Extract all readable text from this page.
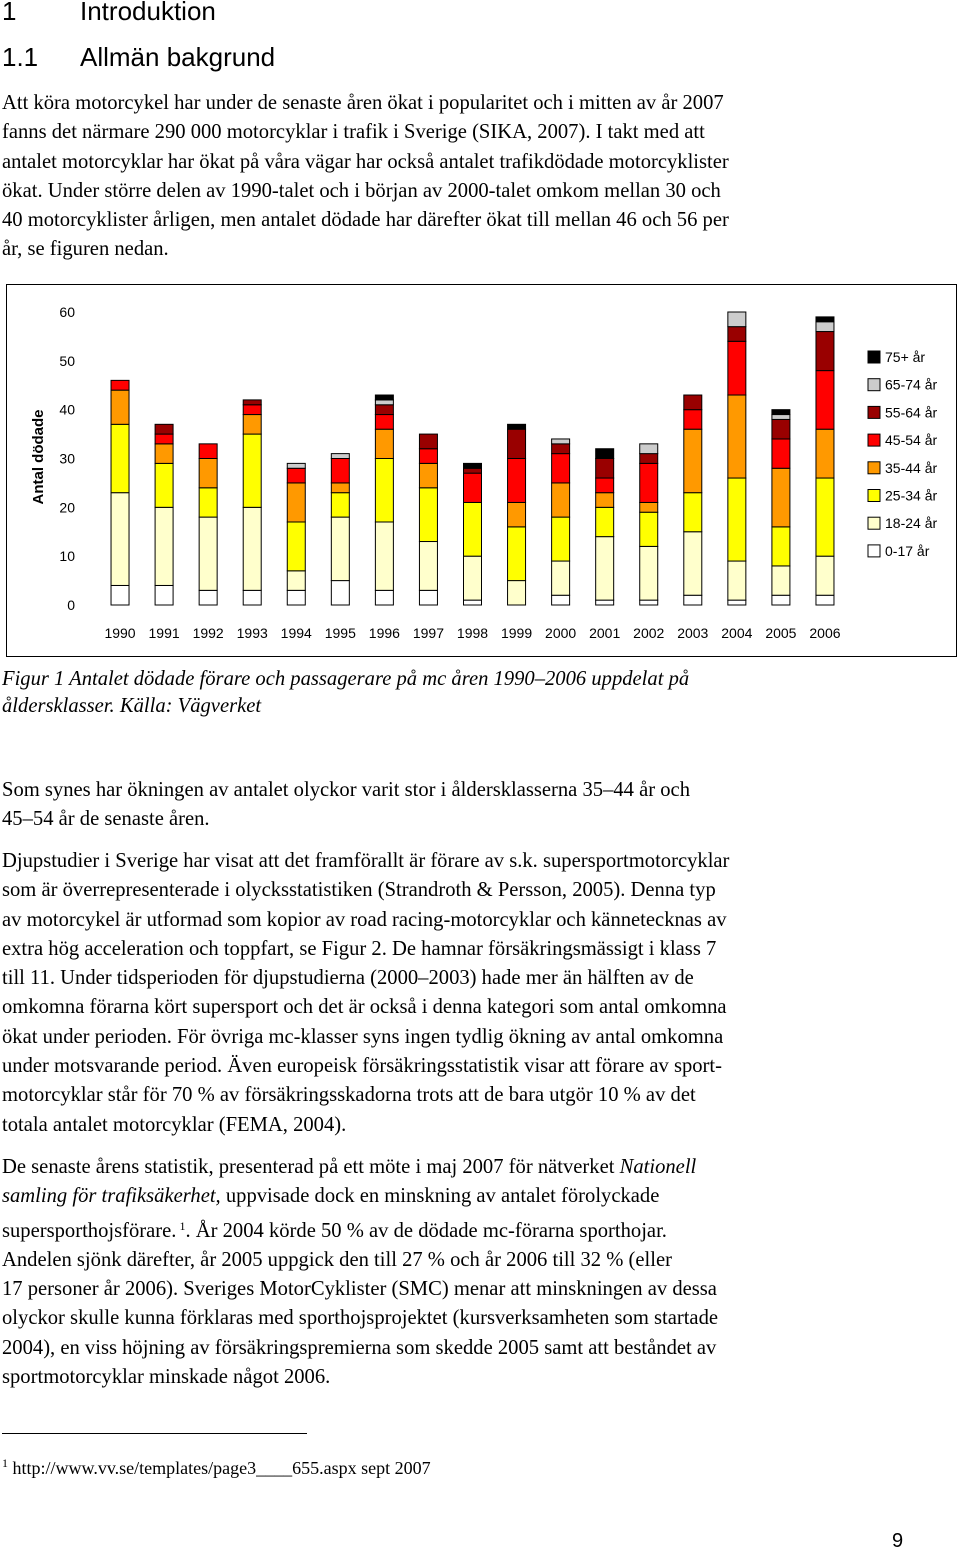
1 Introduktion
1.1 Allmän bakgrund

Att köra motorcykel har under de senaste åren ökat i popularitet och i mitten av år 2007
fanns det närmare 290 000 motorcyklar i trafik i Sverige (SIKA, 2007). I takt med att
antalet motorcyklar har ökat på våra vägar har också antalet trafikdödade motorcyklister
ökat. Under större delen av 1990-talet och i början av 2000-talet omkom mellan 30 och
40 motorcyklister årligen, men antalet dödade har därefter ökat till mellan 46 och 56 per
år, se figuren nedan.

0
10
20
30
40
50
60
Antal dödade
1990 1991 1992 1993 1994 1995 1996 1997 1998 1999 2000 2001 2002 2003 2004 2005 2006
75+ år
65-74 år
55-64 år
45-54 år
35-44 år
25-34 år
18-24 år
0-17 år
Figur 1 Antalet dödade förare och passagerare på mc åren 1990–2006 uppdelat på
åldersklasser. Källa: Vägverket

Som synes har ökningen av antalet olyckor varit stor i åldersklasserna 35–44 år och
45–54 år de senaste åren.

Djupstudier i Sverige har visat att det framförallt är förare av s.k. supersportmotorcyklar
som är överrepresenterade i olycksstatistiken (Strandroth & Persson, 2005). Denna typ
av motorcykel är utformad som kopior av road racing-motorcyklar och kännetecknas av
extra hög acceleration och toppfart, se Figur 2. De hamnar försäkringsmässigt i klass 7
till 11. Under tidsperioden för djupstudierna (2000–2003) hade mer än hälften av de
omkomna förarna kört supersport och det är också i denna kategori som antal omkomna
ökat under perioden. För övriga mc-klasser syns ingen tydlig ökning av antal omkomna
under motsvarande period. Även europeisk försäkringsstatistik visar att förare av sport-
motorcyklar står för 70 % av försäkringsskadorna trots att de bara utgör 10 % av det
totala antalet motorcyklar (FEMA, 2004).

De senaste årens statistik, presenterad på ett möte i maj 2007 för nätverket Nationell
samling för trafiksäkerhet, uppvisade dock en minskning av antalet förolyckade
supersporthojsförare. $^1$. År 2004 körde 50 % av de dödade mc-förarna sporthojar.
Andelen sjönk därefter, år 2005 uppgick den till 27 % och år 2006 till 32 % (eller
17 personer år 2006). Sveriges MotorCyklister (SMC) menar att minskningen av dessa
olyckor skulle kunna förklaras med sporthojsprojektet (kursverksamheten som startade
2004), en viss höjning av försäkringspremierna som skedde 2005 samt att beståndet av
sportmotorcyklar minskade något 2006.

$^1$ http://www.vv.se/templates/page3____655.aspx sept 2007
9
